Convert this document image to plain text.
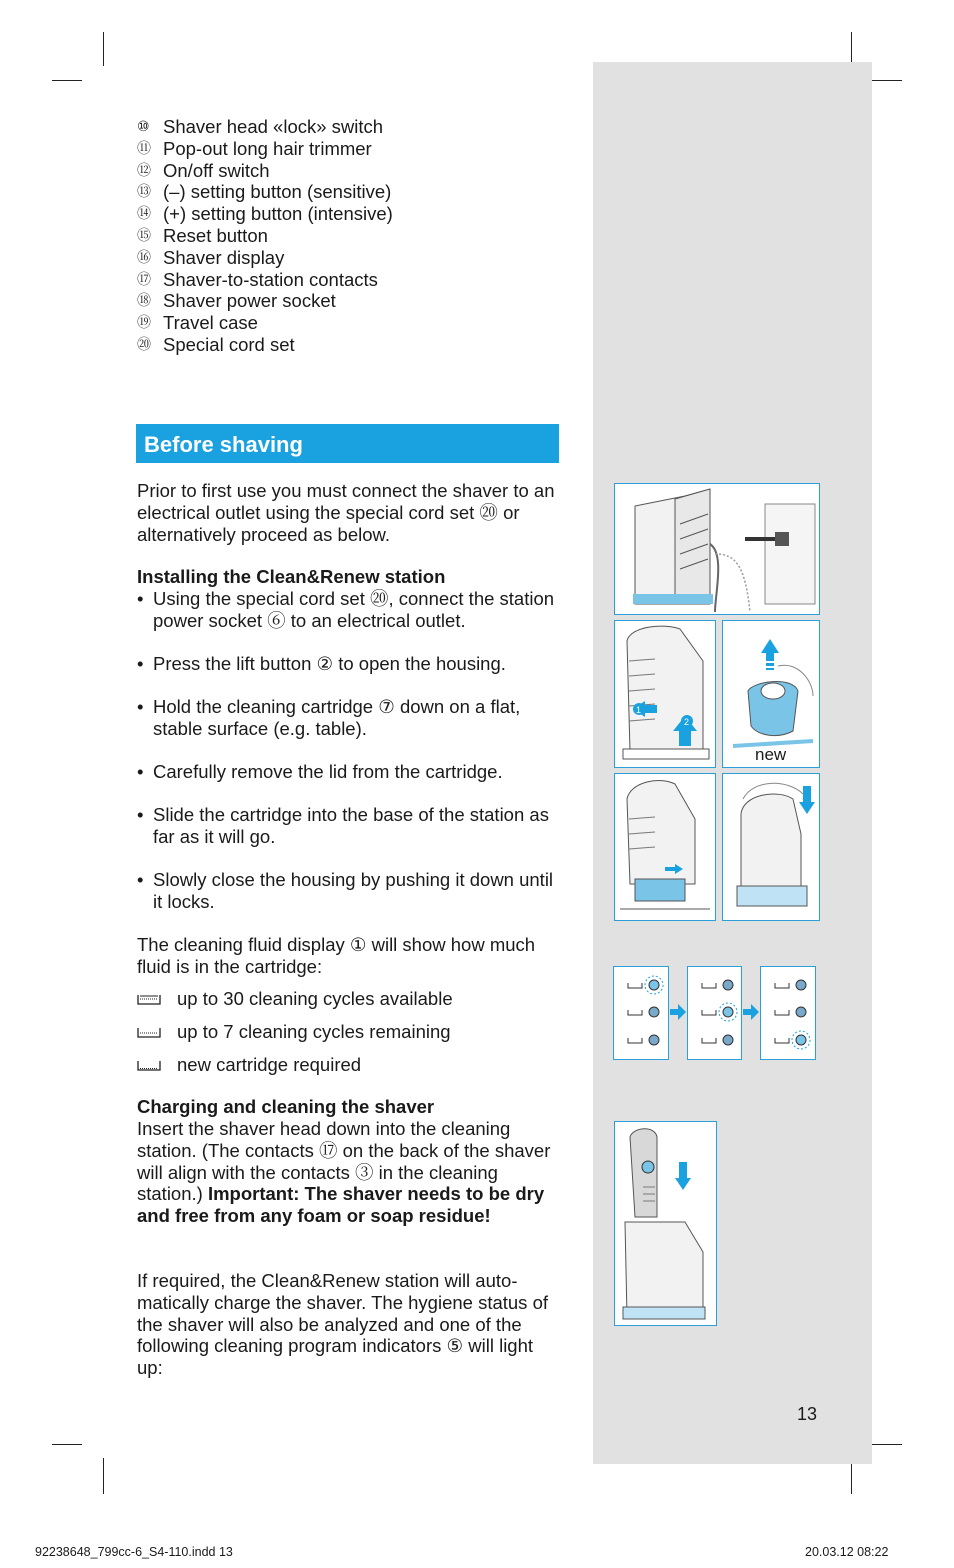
⑩ Shaver head «lock» switch
⑪ Pop-out long hair trimmer
⑫ On/off switch
⑬ (–) setting button (sensitive)
⑭ (+) setting button (intensive)
⑮ Reset button
⑯ Shaver display
⑰ Shaver-to-station contacts
⑱ Shaver power socket
⑲ Travel case
⑳ Special cord set
Before shaving
Prior to first use you must connect the shaver to an electrical outlet using the special cord set ⑳ or alternatively proceed as below.
Installing the Clean&Renew station
• Using the special cord set ⑳, connect the station power socket ⑥ to an electrical outlet.
• Press the lift button ② to open the housing.
• Hold the cleaning cartridge ⑦ down on a flat, stable surface (e.g. table).
• Carefully remove the lid from the cartridge.
• Slide the cartridge into the base of the station as far as it will go.
• Slowly close the housing by pushing it down until it locks.
The cleaning fluid display ① will show how much fluid is in the cartridge:
up to 30 cleaning cycles available
up to 7 cleaning cycles remaining
new cartridge required
Charging and cleaning the shaver
Insert the shaver head down into the cleaning station. (The contacts ⑰ on the back of the shaver will align with the contacts ③ in the cleaning station.) Important: The shaver needs to be dry and free from any foam or soap residue!
If required, the Clean&Renew station will auto-matically charge the shaver. The hygiene status of the shaver will also be analyzed and one of the following cleaning program indicators ⑤ will light up:
1
2
new
13
92238648_799cc-6_S4-110.indd 13	20.03.12 08:22
